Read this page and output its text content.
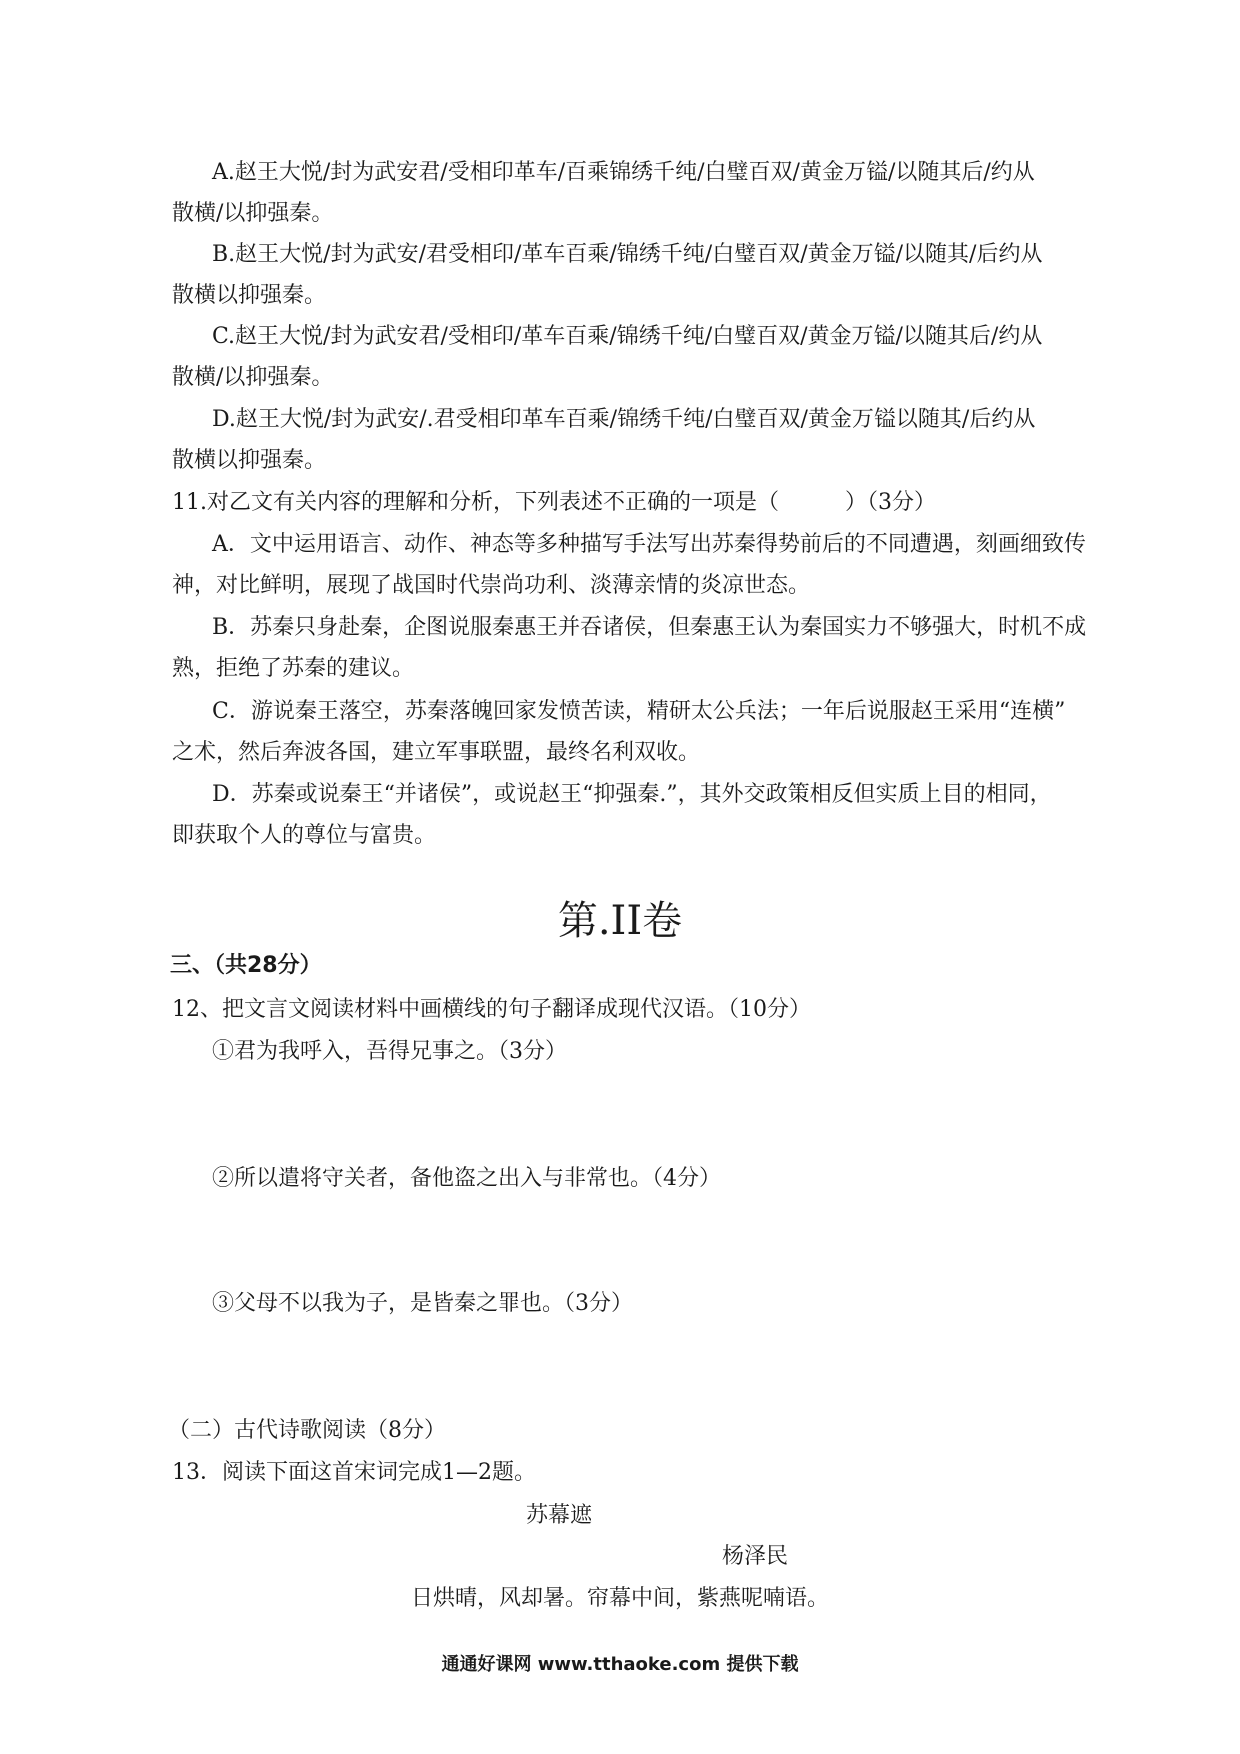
A.赵王大悦/封为武安君/受相印革车/百乘锦绣千纯/白璧百双/黄金万镒/以随其后/约从
散横/以抑强秦。
B.赵王大悦/封为武安/君受相印/革车百乘/锦绣千纯/白璧百双/黄金万镒/以随其/后约从
散横以抑强秦。
C.赵王大悦/封为武安君/受相印/革车百乘/锦绣千纯/白璧百双/黄金万镒/以随其后/约从
散横/以抑强秦。
D.赵王大悦/封为武安/.君受相印革车百乘/锦绣千纯/白璧百双/黄金万镒以随其/后约从
散横以抑强秦。
11.对乙文有关内容的理解和分析，下列表述不正确的一项是（　　　）（3分）
A．文中运用语言、动作、神态等多种描写手法写出苏秦得势前后的不同遭遇，刻画细致传
神，对比鲜明，展现了战国时代崇尚功利、淡薄亲情的炎凉世态。
B．苏秦只身赴秦，企图说服秦惠王并吞诸侯，但秦惠王认为秦国实力不够强大，时机不成
熟，拒绝了苏秦的建议。
C．游说秦王落空，苏秦落魄回家发愤苦读，精研太公兵法；一年后说服赵王采用“连横”
之术，然后奔波各国，建立军事联盟，最终名利双收。
D．苏秦或说秦王“并诸侯”，或说赵王“抑强秦.”，其外交政策相反但实质上目的相同，
即获取个人的尊位与富贵。
第.II卷
三、（共28分）
12、把文言文阅读材料中画横线的句子翻译成现代汉语。（10分）
①君为我呼入，吾得兄事之。（3分）
②所以遣将守关者，备他盗之出入与非常也。（4分）
③父母不以我为子，是皆秦之罪也。（3分）
（二）古代诗歌阅读（8分）
13．阅读下面这首宋词完成1—2题。
苏幕遮
杨泽民
日烘晴，风却暑。帘幕中间，紫燕呢喃语。
通通好课网 www.tthaoke.com 提供下载
